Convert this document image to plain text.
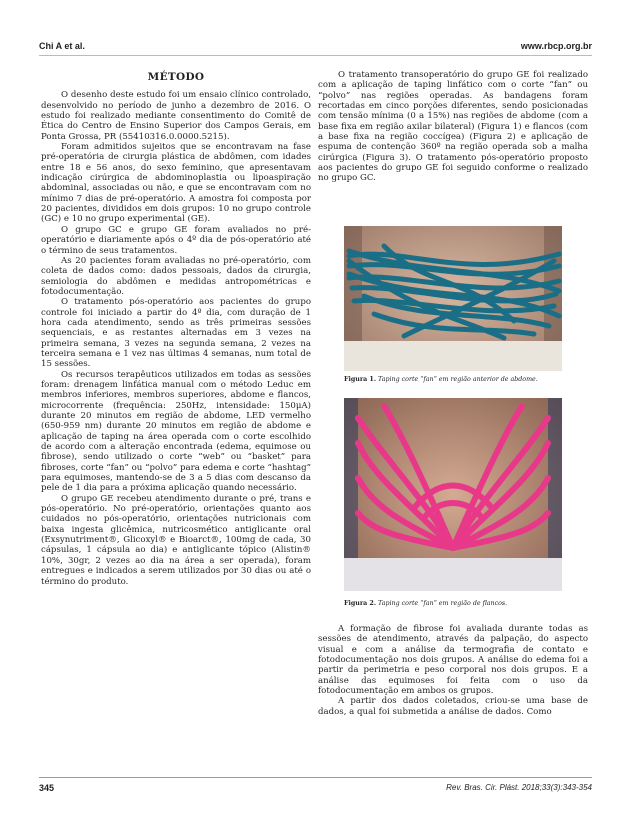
Chi A et al.	www.rbcp.org.br
MÉTODO

O desenho deste estudo foi um ensaio clínico controlado, desenvolvido no período de junho a dezembro de 2016. O estudo foi realizado mediante consentimento do Comitê de Ética do Centro de Ensino Superior dos Campos Gerais, em Ponta Grossa, PR (55410316.0.0000.5215).

Foram admitidos sujeitos que se encontravam na fase pré-operatória de cirurgia plástica de abdômen, com idades entre 18 e 56 anos, do sexo feminino, que apresentavam indicação cirúrgica de abdominoplastia ou lipoaspiração abdominal, associadas ou não, e que se encontravam com no mínimo 7 dias de pré-operatório. A amostra foi composta por 20 pacientes, divididos em dois grupos: 10 no grupo controle (GC) e 10 no grupo experimental (GE).

O grupo GC e grupo GE foram avaliados no pré-operatório e diariamente após o 4º dia de pós-operatório até o término de seus tratamentos.

As 20 pacientes foram avaliadas no pré-operatório, com coleta de dados como: dados pessoais, dados da cirurgia, semiologia do abdômen e medidas antropométricas e fotodocumentação.

O tratamento pós-operatório aos pacientes do grupo controle foi iniciado a partir do 4º dia, com duração de 1 hora cada atendimento, sendo as três primeiras sessões sequenciais, e as restantes alternadas em 3 vezes na primeira semana, 3 vezes na segunda semana, 2 vezes na terceira semana e 1 vez nas últimas 4 semanas, num total de 15 sessões.

Os recursos terapêuticos utilizados em todas as sessões foram: drenagem linfática manual com o método Leduc em membros inferiores, membros superiores, abdome e flancos, microcorrente (frequência: 250Hz, intensidade: 150μA) durante 20 minutos em região de abdome, LED vermelho (650-959 nm) durante 20 minutos em região de abdome e aplicação de taping na área operada com o corte escolhido de acordo com a alteração encontrada (edema, equimose ou fibrose), sendo utilizado o corte “web” ou “basket” para fibroses, corte “fan” ou “polvo” para edema e corte “hashtag” para equimoses, mantendo-se de 3 a 5 dias com descanso da pele de 1 dia para a próxima aplicação quando necessário.

O grupo GE recebeu atendimento durante o pré, trans e pós-operatório. No pré-operatório, orientações quanto aos cuidados no pós-operatório, orientações nutricionais com baixa ingesta glicêmica, nutricosmético antiglicante oral (Exsynutriment®, Glicoxyl® e Bioarct®, 100mg de cada, 30 cápsulas, 1 cápsula ao dia) e antiglicante tópico (Alistin® 10%, 30gr, 2 vezes ao dia na área a ser operada), foram entregues e indicados a serem utilizados por 30 dias ou até o término do produto.

O tratamento transoperatório do grupo GE foi realizado com a aplicação de taping linfático com o corte “fan” ou “polvo” nas regiões operadas. As bandagens foram recortadas em cinco porções diferentes, sendo posicionadas com tensão mínima (0 a 15%) nas regiões de abdome (com a base fixa em região axilar bilateral) (Figura 1) e flancos (com a base fixa na região coccígea) (Figura 2) e aplicação de espuma de contenção 360º na região operada sob a malha cirúrgica (Figura 3). O tratamento pós-operatório proposto aos pacientes do grupo GE foi seguido conforme o realizado no grupo GC.

Figura 1. Taping corte “fan” em região anterior de abdome.
Figura 2. Taping corte “fan” em região de flancos.

A formação de fibrose foi avaliada durante todas as sessões de atendimento, através da palpação, do aspecto visual e com a análise da termografia de contato e fotodocumentação nos dois grupos. A análise do edema foi a partir da perimetria e peso corporal nos dois grupos. E a análise das equimoses foi feita com o uso da fotodocumentação em ambos os grupos.

A partir dos dados coletados, criou-se uma base de dados, a qual foi submetida a análise de dados. Como

345	Rev. Bras. Cir. Plást. 2018;33(3):343-354
